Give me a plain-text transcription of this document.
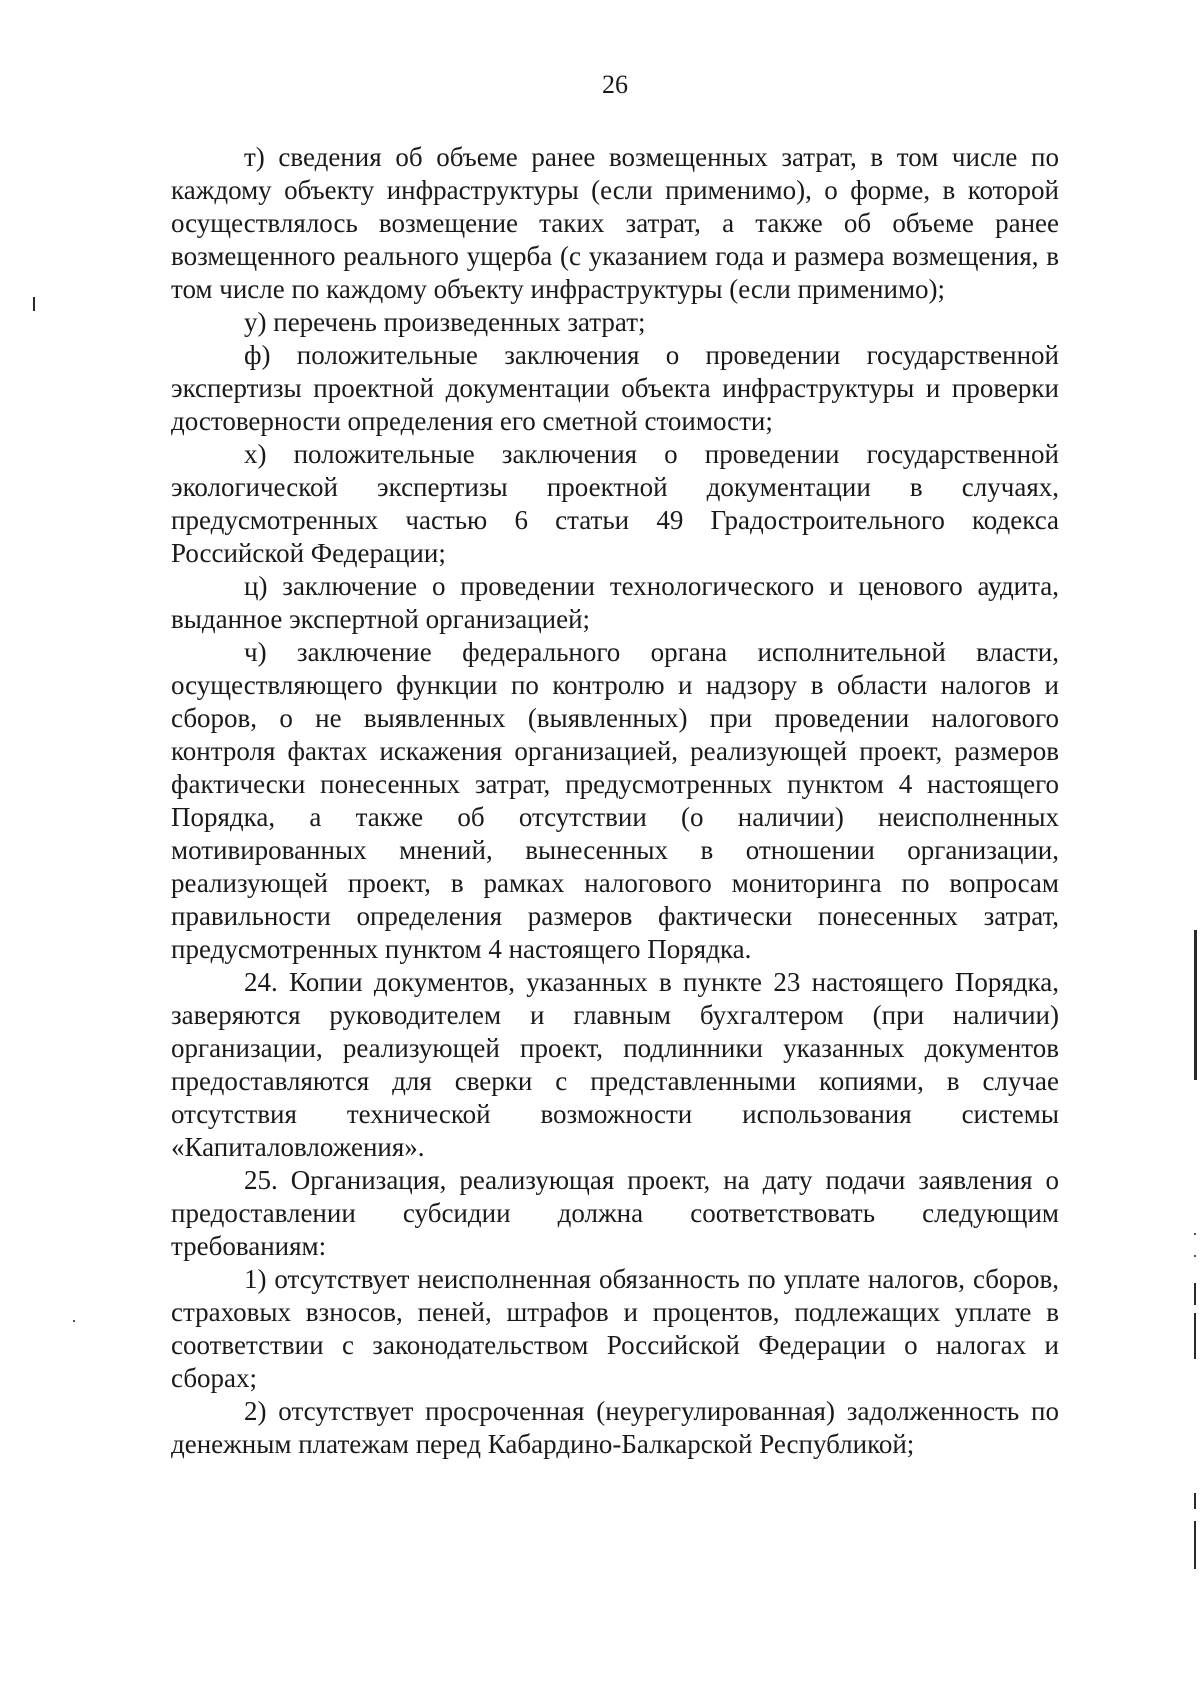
26

т) сведения об объеме ранее возмещенных затрат, в том числе по каждому объекту инфраструктуры (если применимо), о форме, в которой осуществлялось возмещение таких затрат, а также об объеме ранее возмещенного реального ущерба (с указанием года и размера возмещения, в том числе по каждому объекту инфраструктуры (если применимо);

у) перечень произведенных затрат;

ф) положительные заключения о проведении государственной экспертизы проектной документации объекта инфраструктуры и проверки достоверности определения его сметной стоимости;

х) положительные заключения о проведении государственной экологической экспертизы проектной документации в случаях, предусмотренных частью 6 статьи 49 Градостроительного кодекса Российской Федерации;

ц) заключение о проведении технологического и ценового аудита, выданное экспертной организацией;

ч) заключение федерального органа исполнительной власти, осуществляющего функции по контролю и надзору в области налогов и сборов, о не выявленных (выявленных) при проведении налогового контроля фактах искажения организацией, реализующей проект, размеров фактически понесенных затрат, предусмотренных пунктом 4 настоящего Порядка, а также об отсутствии (о наличии) неисполненных мотивированных мнений, вынесенных в отношении организации, реализующей проект, в рамках налогового мониторинга по вопросам правильности определения размеров фактически понесенных затрат, предусмотренных пунктом 4 настоящего Порядка.

24. Копии документов, указанных в пункте 23 настоящего Порядка, заверяются руководителем и главным бухгалтером (при наличии) организации, реализующей проект, подлинники указанных документов предоставляются для сверки с представленными копиями, в случае отсутствия технической возможности использования системы «Капиталовложения».

25. Организация, реализующая проект, на дату подачи заявления о предоставлении субсидии должна соответствовать следующим требованиям:

1) отсутствует неисполненная обязанность по уплате налогов, сборов, страховых взносов, пеней, штрафов и процентов, подлежащих уплате в соответствии с законодательством Российской Федерации о налогах и сборах;

2) отсутствует просроченная (неурегулированная) задолженность по денежным платежам перед Кабардино-Балкарской Республикой;
